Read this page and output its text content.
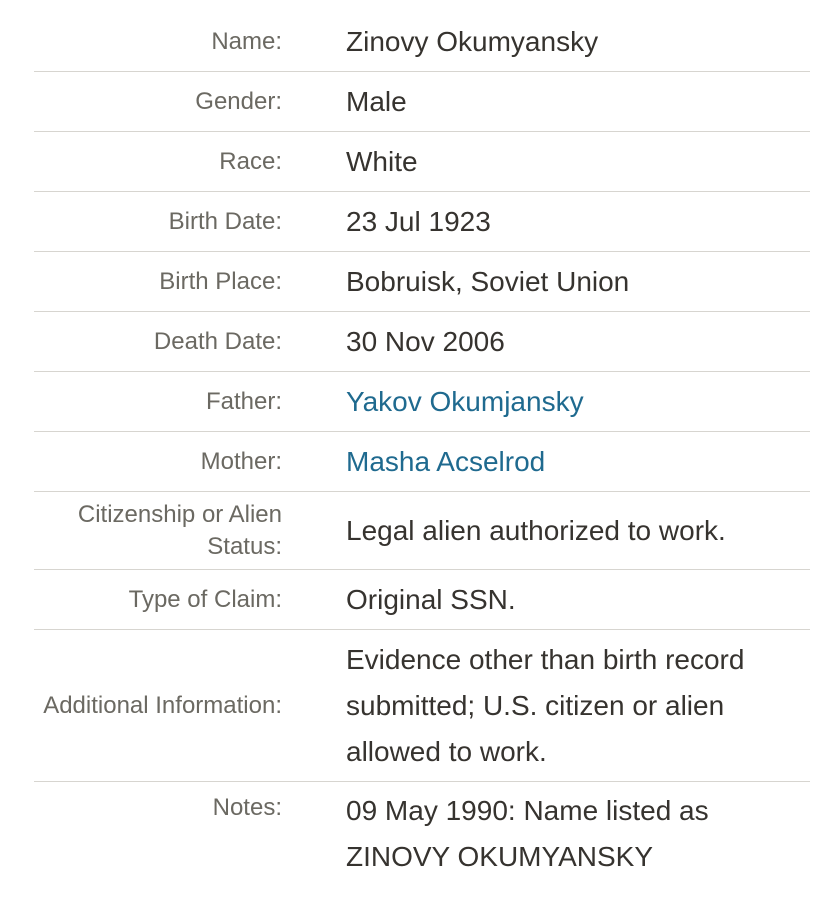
Name:	Zinovy Okumyansky
Gender:	Male
Race:	White
Birth Date:	23 Jul 1923
Birth Place:	Bobruisk, Soviet Union
Death Date:	30 Nov 2006
Father:	Yakov Okumjansky
Mother:	Masha Acselrod
Citizenship or Alien Status:
Legal alien authorized to work.
Type of Claim:	Original SSN.
Additional Information:
Evidence other than birth record submitted; U.S. citizen or alien allowed to work.
Notes:	09 May 1990: Name listed as ZINOVY OKUMYANSKY
